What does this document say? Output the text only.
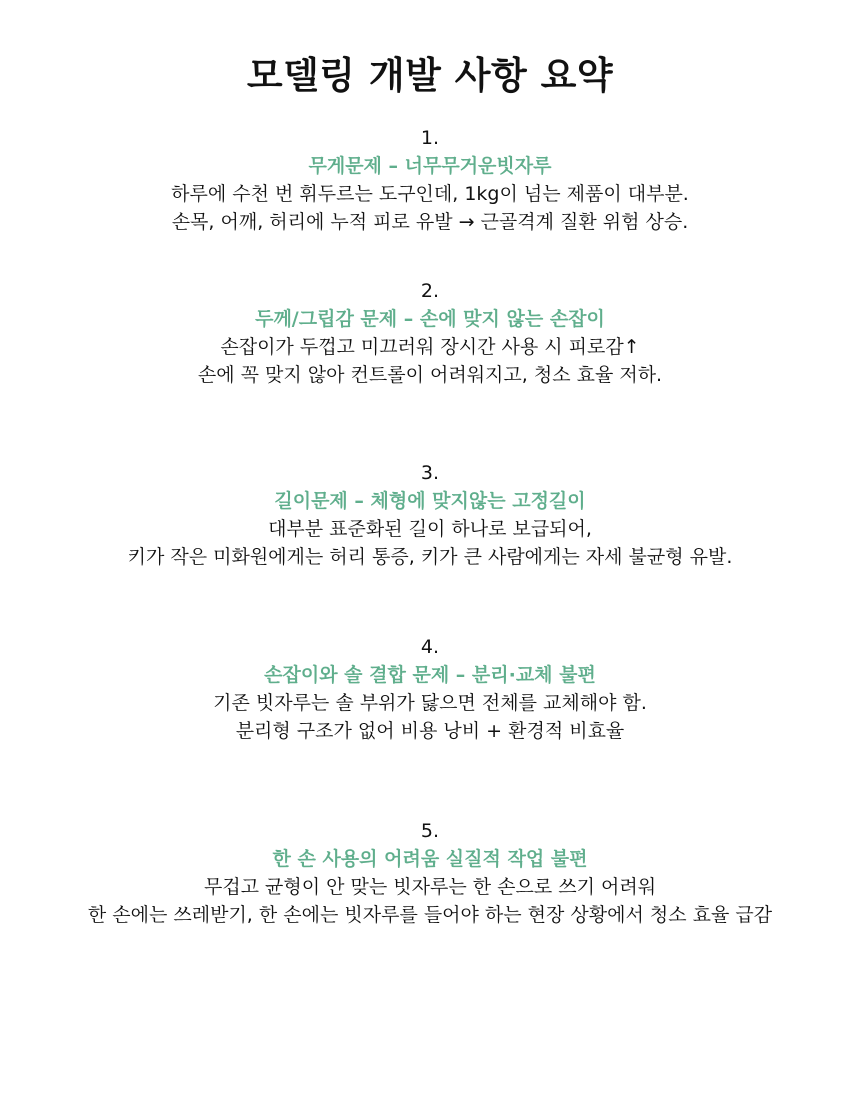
모델링 개발 사항 요약
1.
무게문제 – 너무무거운빗자루
하루에 수천 번 휘두르는 도구인데, 1kg이 넘는 제품이 대부분.
손목, 어깨, 허리에 누적 피로 유발 → 근골격계 질환 위험 상승.
2.
두께/그립감 문제 – 손에 맞지 않는 손잡이
손잡이가 두껍고 미끄러워 장시간 사용 시 피로감↑
손에 꼭 맞지 않아 컨트롤이 어려워지고, 청소 효율 저하.
3.
길이문제 – 체형에 맞지않는 고정길이
대부분 표준화된 길이 하나로 보급되어,
키가 작은 미화원에게는 허리 통증, 키가 큰 사람에게는 자세 불균형 유발.
4.
손잡이와 솔 결합 문제 – 분리·교체 불편
기존 빗자루는 솔 부위가 닳으면 전체를 교체해야 함.
분리형 구조가 없어 비용 낭비 + 환경적 비효율
5.
한 손 사용의 어려움 실질적 작업 불편
무겁고 균형이 안 맞는 빗자루는 한 손으로 쓰기 어려워
한 손에는 쓰레받기, 한 손에는 빗자루를 들어야 하는 현장 상황에서 청소 효율 급감
